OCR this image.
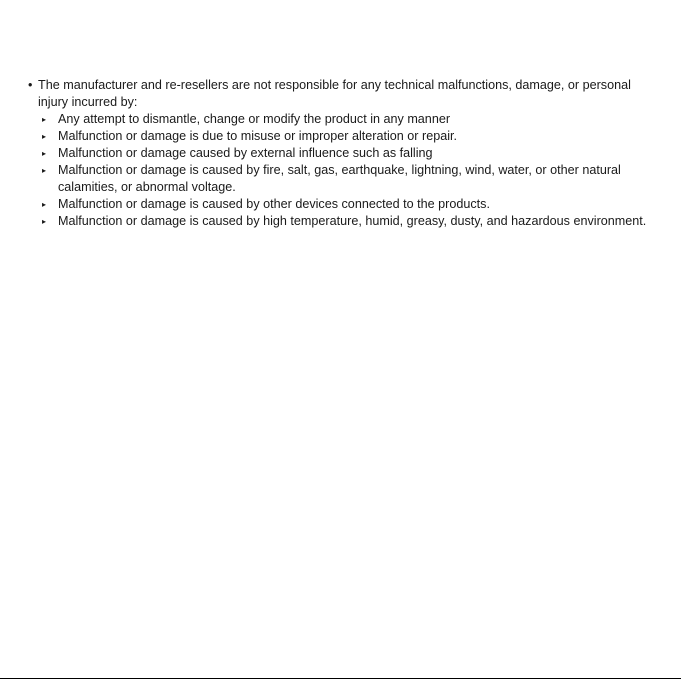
• The manufacturer and re-resellers are not responsible for any technical malfunctions, damage, or personal injury incurred by:
▸ Any attempt to dismantle, change or modify the product in any manner
▸ Malfunction or damage is due to misuse or improper alteration or repair.
▸ Malfunction or damage caused by external influence such as falling
▸ Malfunction or damage is caused by fire, salt, gas, earthquake, lightning, wind, water, or other natural calamities, or abnormal voltage.
▸ Malfunction or damage is caused by other devices connected to the products.
▸ Malfunction or damage is caused by high temperature, humid, greasy, dusty, and hazardous environment.
